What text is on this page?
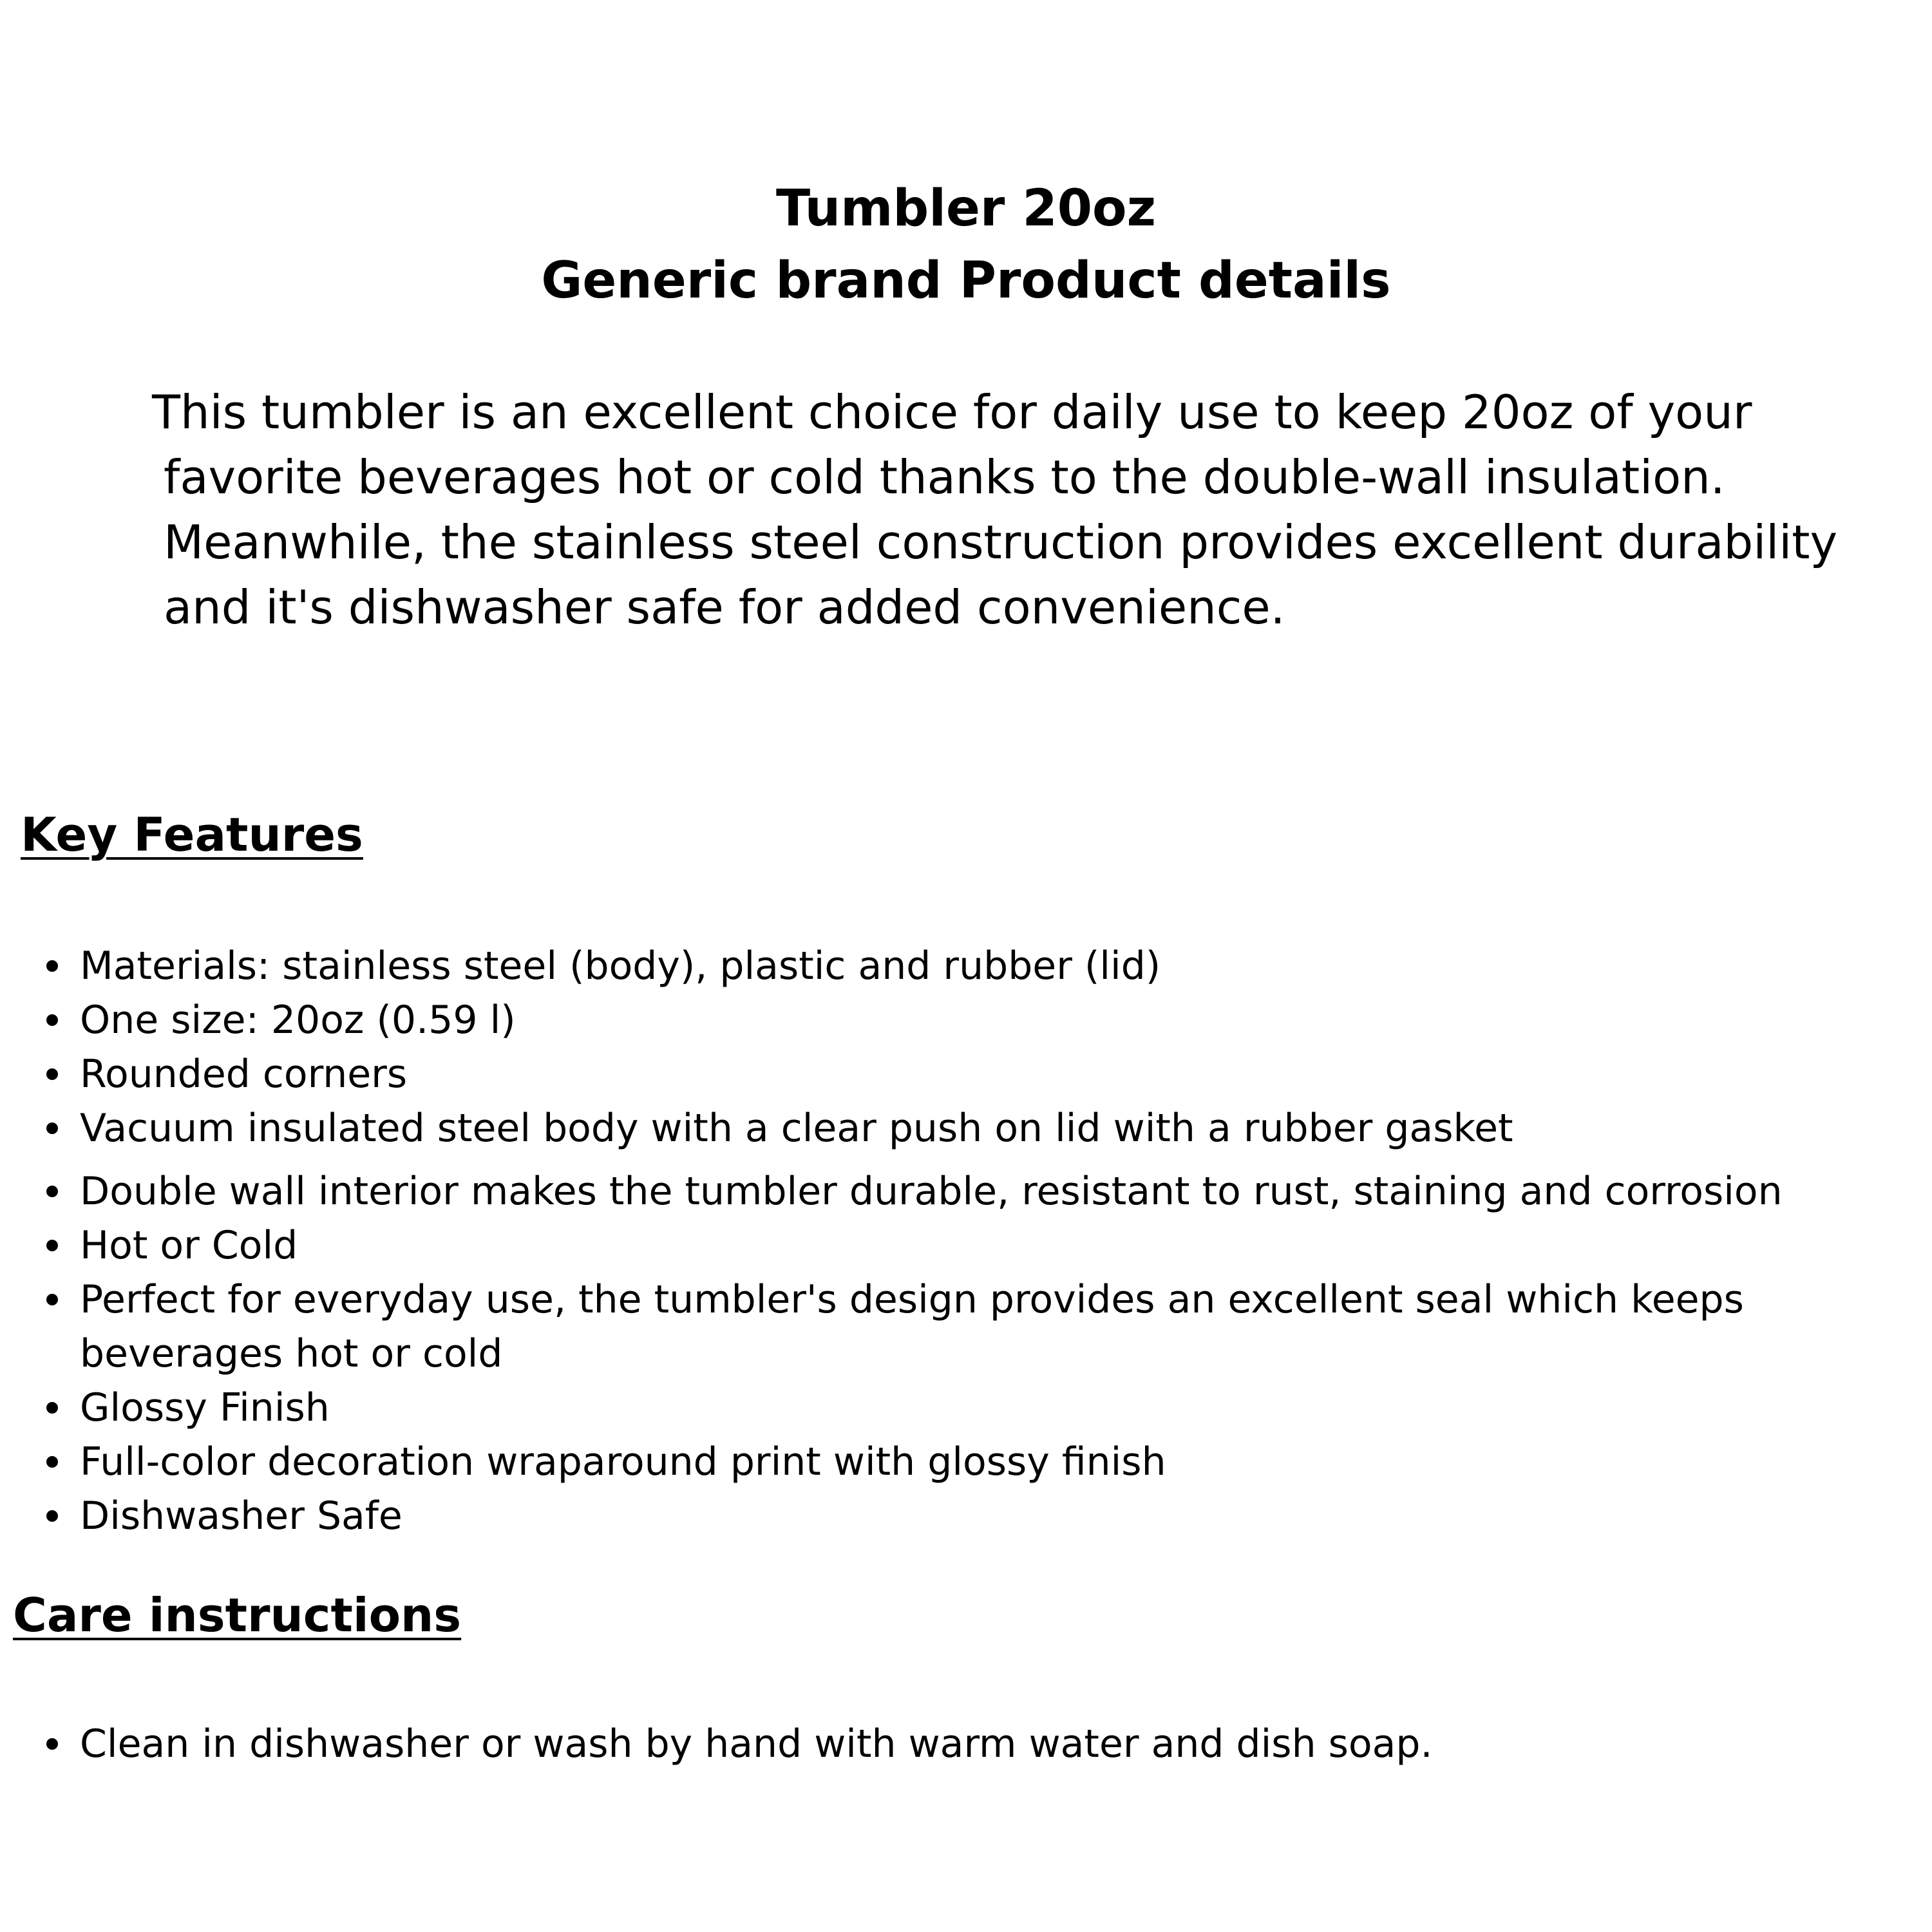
Tumbler 20oz
Generic brand Product details

This tumbler is an excellent choice for daily use to keep 20oz of your
favorite beverages hot or cold thanks to the double-wall insulation.
Meanwhile, the stainless steel construction provides excellent durability
and it's dishwasher safe for added convenience.

Key Features
Materials: stainless steel (body), plastic and rubber (lid)
One size: 20oz (0.59 l)
Rounded corners
Vacuum insulated steel body with a clear push on lid with a rubber gasket
Double wall interior makes the tumbler durable, resistant to rust, staining and corrosion
Hot or Cold
Perfect for everyday use, the tumbler's design provides an excellent seal which keeps beverages hot or cold
Glossy Finish
Full-color decoration wraparound print with glossy finish
Dishwasher Safe
Care instructions
Clean in dishwasher or wash by hand with warm water and dish soap.
